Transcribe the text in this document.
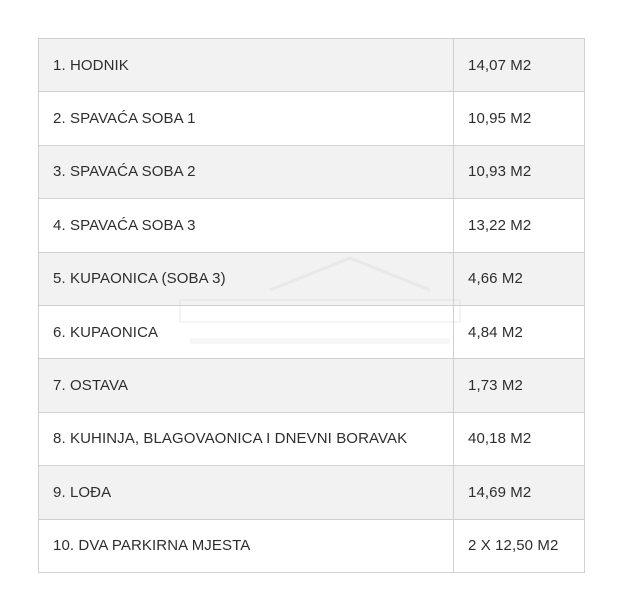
1. HODNIK	14,07 M2
2. SPAVAĆA SOBA 1	10,95 M2
3. SPAVAĆA SOBA 2	10,93 M2
4. SPAVAĆA SOBA 3	13,22 M2
5. KUPAONICA (SOBA 3)	4,66 M2
6. KUPAONICA	4,84 M2
7. OSTAVA	1,73 M2
8. KUHINJA, BLAGOVAONICA I DNEVNI BORAVAK	40,18 M2
9. LOĐA	14,69 M2
10. DVA PARKIRNA MJESTA	2 X 12,50 M2
